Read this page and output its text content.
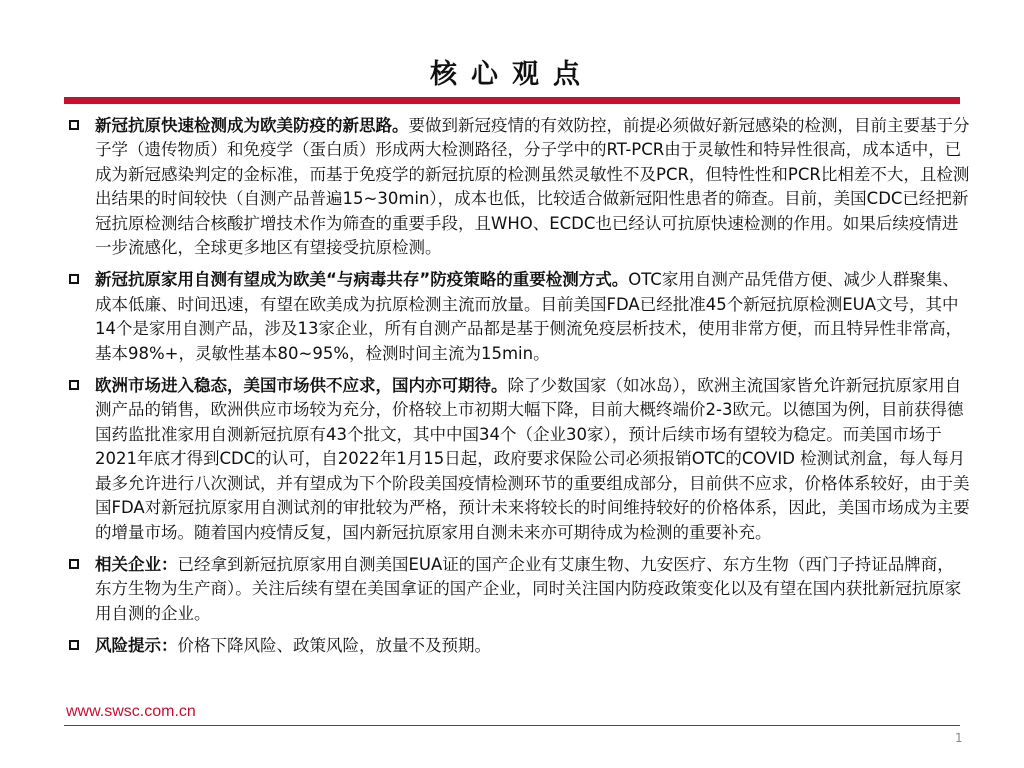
核心观点
新冠抗原快速检测成为欧美防疫的新思路。要做到新冠疫情的有效防控，前提必须做好新冠感染的检测，目前主要基于分子学（遗传物质）和免疫学（蛋白质）形成两大检测路径，分子学中的RT-PCR由于灵敏性和特异性很高，成本适中，已成为新冠感染判定的金标准，而基于免疫学的新冠抗原的检测虽然灵敏性不及PCR，但特性性和PCR比相差不大，且检测出结果的时间较快（自测产品普遍15~30min），成本也低，比较适合做新冠阳性患者的筛查。目前，美国CDC已经把新冠抗原检测结合核酸扩增技术作为筛查的重要手段，且WHO、ECDC也已经认可抗原快速检测的作用。如果后续疫情进一步流感化，全球更多地区有望接受抗原检测。
新冠抗原家用自测有望成为欧美“与病毒共存”防疫策略的重要检测方式。OTC家用自测产品凭借方便、减少人群聚集、成本低廉、时间迅速，有望在欧美成为抗原检测主流而放量。目前美国FDA已经批准45个新冠抗原检测EUA文号，其中14个是家用自测产品，涉及13家企业，所有自测产品都是基于侧流免疫层析技术，使用非常方便，而且特异性非常高，基本98%+，灵敏性基本80~95%，检测时间主流为15min。
欧洲市场进入稳态，美国市场供不应求，国内亦可期待。除了少数国家（如冰岛），欧洲主流国家皆允许新冠抗原家用自测产品的销售，欧洲供应市场较为充分，价格较上市初期大幅下降，目前大概终端价2-3欧元。以德国为例，目前获得德国药监批准家用自测新冠抗原有43个批文，其中中国34个（企业30家），预计后续市场有望较为稳定。而美国市场于2021年底才得到CDC的认可，自2022年1月15日起，政府要求保险公司必须报销OTC的COVID 检测试剂盒，每人每月最多允许进行八次测试，并有望成为下个阶段美国疫情检测环节的重要组成部分，目前供不应求，价格体系较好，由于美国FDA对新冠抗原家用自测试剂的审批较为严格，预计未来将较长的时间维持较好的价格体系，因此，美国市场成为主要的增量市场。随着国内疫情反复，国内新冠抗原家用自测未来亦可期待成为检测的重要补充。
相关企业：已经拿到新冠抗原家用自测美国EUA证的国产企业有艾康生物、九安医疗、东方生物（西门子持证品牌商，东方生物为生产商）。关注后续有望在美国拿证的国产企业，同时关注国内防疫政策变化以及有望在国内获批新冠抗原家用自测的企业。
风险提示：价格下降风险、政策风险，放量不及预期。
www.swsc.com.cn
1
